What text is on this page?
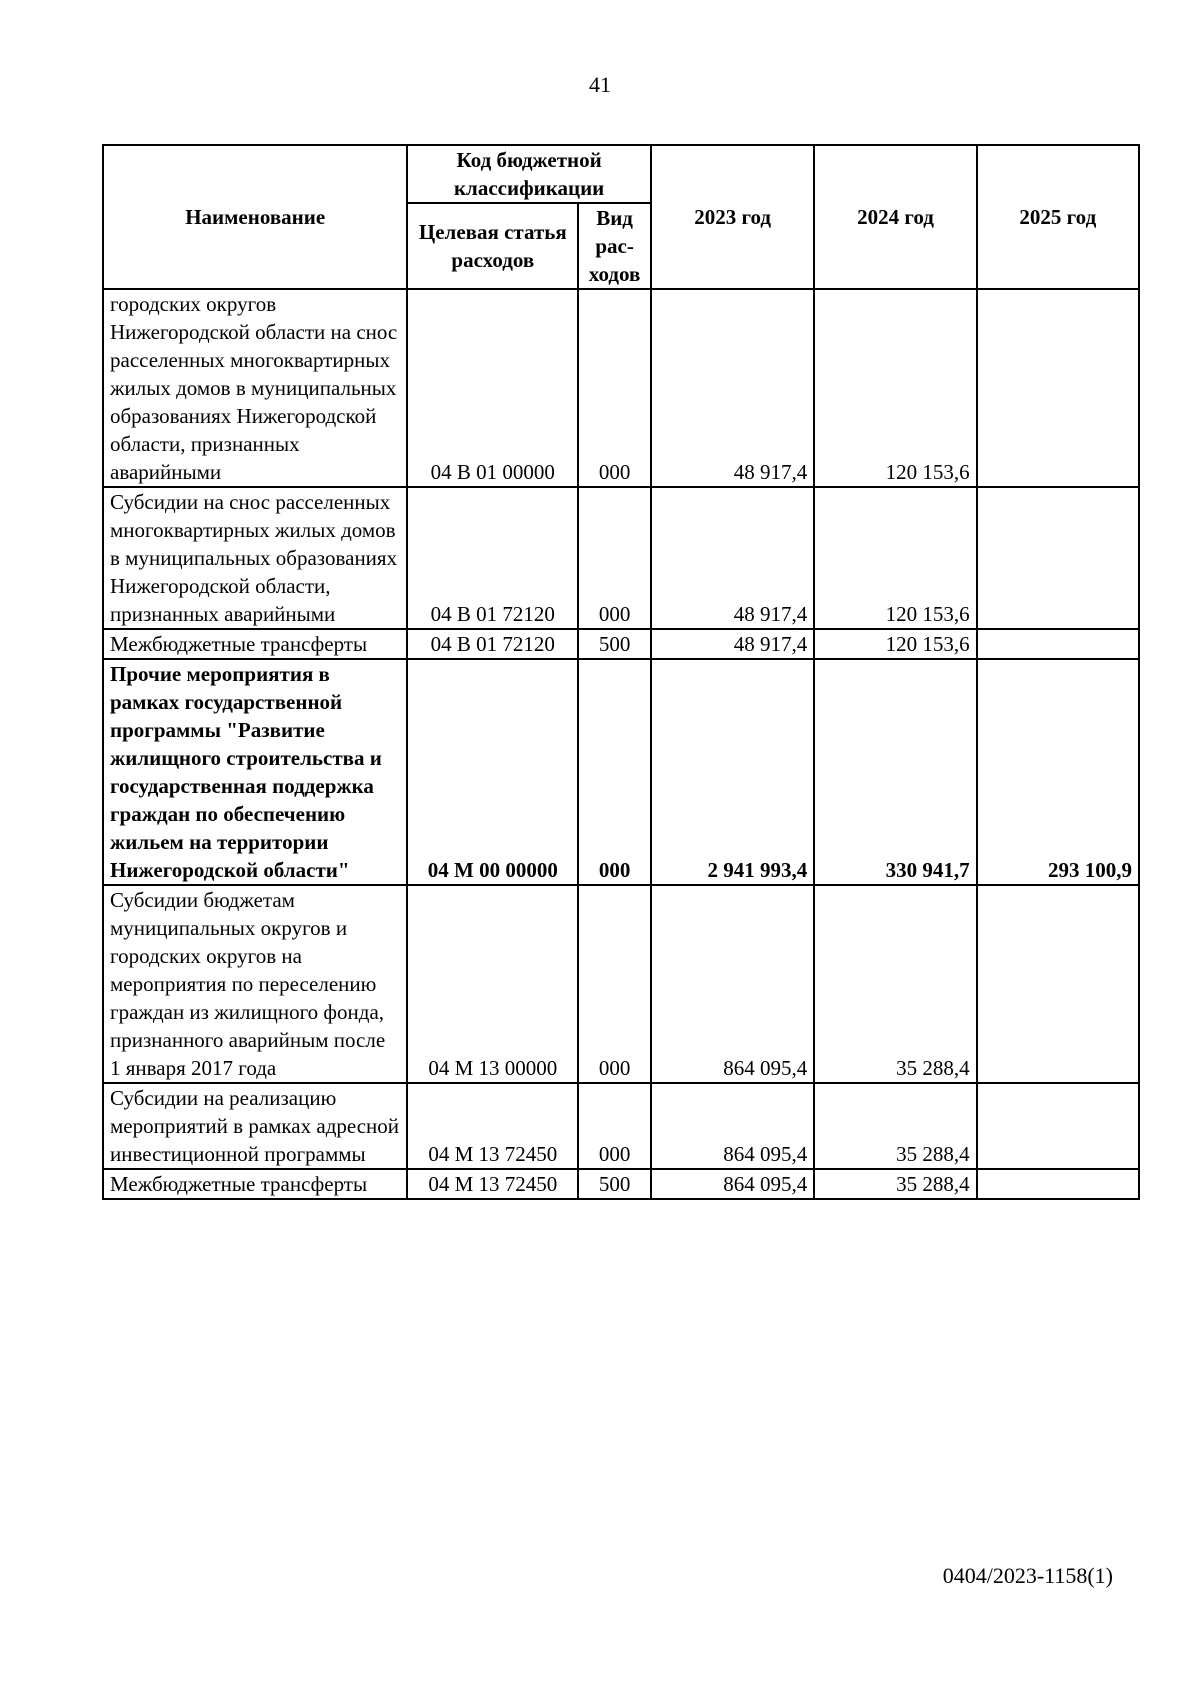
41
Наименование	Код бюджетной классификации		2023 год	2024 год	2025 год
	Целевая статья расходов	Вид рас-ходов			
городских округов Нижегородской области на снос расселенных многоквартирных жилых домов в муниципальных образованиях Нижегородской области, признанных аварийными	04 В 01 00000	000	48 917,4	120 153,6	
Субсидии на снос расселенных многоквартирных жилых домов в муниципальных образованиях Нижегородской области, признанных аварийными	04 В 01 72120	000	48 917,4	120 153,6	
Межбюджетные трансферты	04 В 01 72120	500	48 917,4	120 153,6	
Прочие мероприятия в рамках государственной программы "Развитие жилищного строительства и государственная поддержка граждан по обеспечению жильем на территории Нижегородской области"	04 М 00 00000	000	2 941 993,4	330 941,7	293 100,9
Субсидии бюджетам муниципальных округов и городских округов на мероприятия по переселению граждан из жилищного фонда, признанного аварийным после 1 января 2017 года	04 М 13 00000	000	864 095,4	35 288,4	
Субсидии на реализацию мероприятий в рамках адресной инвестиционной программы	04 М 13 72450	000	864 095,4	35 288,4	
Межбюджетные трансферты	04 М 13 72450	500	864 095,4	35 288,4	
0404/2023-1158(1)
